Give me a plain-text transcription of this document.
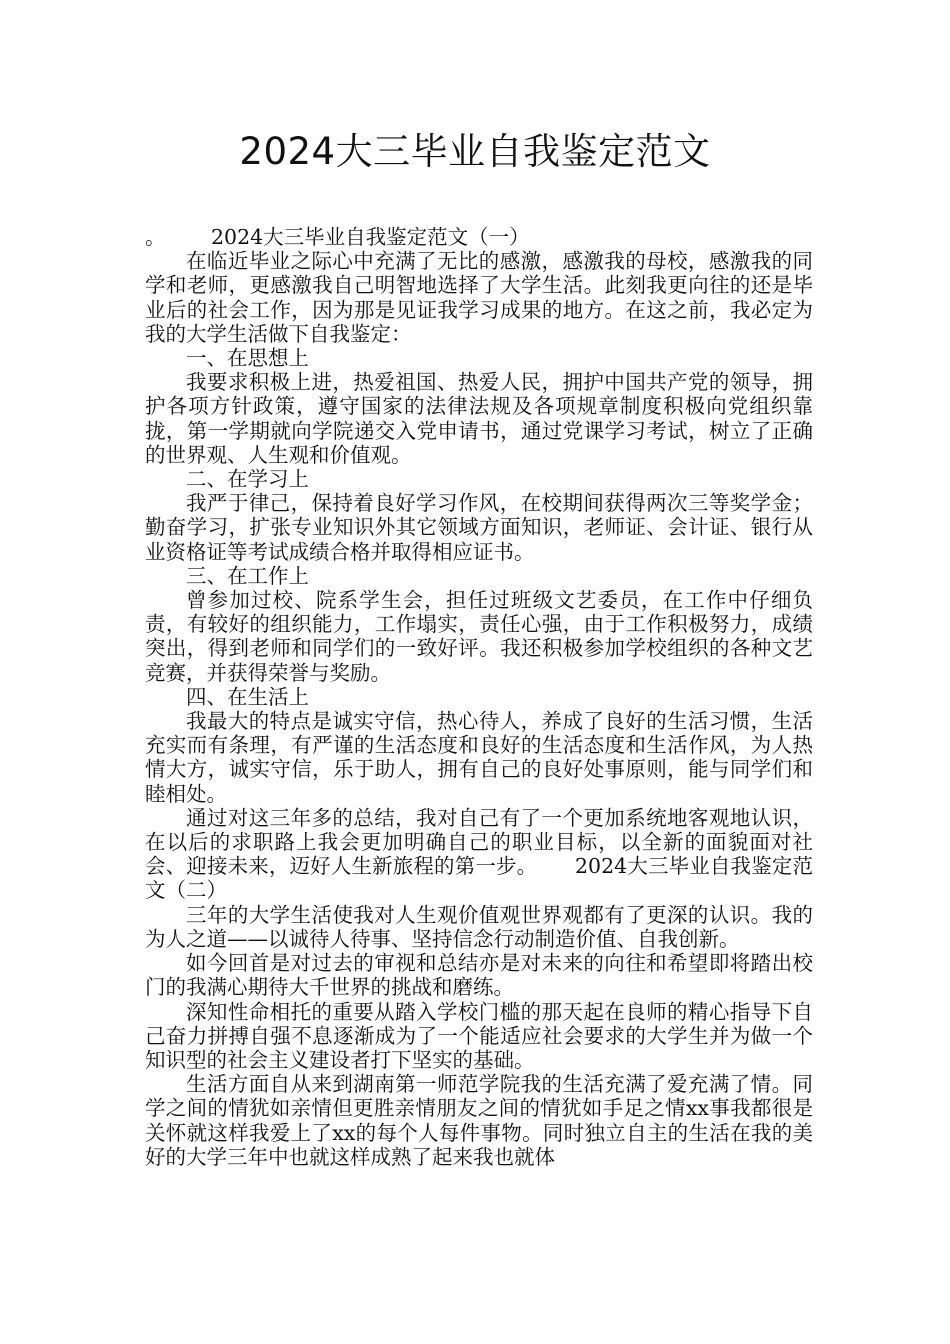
2024大三毕业自我鉴定范文

。 2024大三毕业自我鉴定范文（一）

在临近毕业之际心中充满了无比的感激，感激我的母校，感激我的同学和老师，更感激我自己明智地选择了大学生活。此刻我更向往的还是毕业后的社会工作，因为那是见证我学习成果的地方。在这之前，我必定为我的大学生活做下自我鉴定：

一、在思想上

我要求积极上进，热爱祖国、热爱人民，拥护中国共产党的领导，拥护各项方针政策，遵守国家的法律法规及各项规章制度积极向党组织靠拢，第一学期就向学院递交入党申请书，通过党课学习考试，树立了正确的世界观、人生观和价值观。

二、在学习上

我严于律己，保持着良好学习作风，在校期间获得两次三等奖学金；勤奋学习，扩张专业知识外其它领域方面知识，老师证、会计证、银行从业资格证等考试成绩合格并取得相应证书。

三、在工作上

曾参加过校、院系学生会，担任过班级文艺委员，在工作中仔细负责，有较好的组织能力，工作塌实，责任心强，由于工作积极努力，成绩突出，得到老师和同学们的一致好评。我还积极参加学校组织的各种文艺竞赛，并获得荣誉与奖励。

四、在生活上

我最大的特点是诚实守信，热心待人，养成了良好的生活习惯，生活充实而有条理，有严谨的生活态度和良好的生活态度和生活作风，为人热情大方，诚实守信，乐于助人，拥有自己的良好处事原则，能与同学们和睦相处。

通过对这三年多的总结，我对自己有了一个更加系统地客观地认识，在以后的求职路上我会更加明确自己的职业目标，以全新的面貌面对社会、迎接未来，迈好人生新旅程的第一步。　　 2024大三毕业自我鉴定范文（二）

三年的大学生活使我对人生观价值观世界观都有了更深的认识。我的为人之道——以诚待人待事、坚持信念行动制造价值、自我创新。

如今回首是对过去的审视和总结亦是对未来的向往和希望即将踏出校门的我满心期待大千世界的挑战和磨练。

深知性命相托的重要从踏入学校门槛的那天起在良师的精心指导下自己奋力拼搏自强不息逐渐成为了一个能适应社会要求的大学生并为做一个知识型的社会主义建设者打下坚实的基础。

生活方面自从来到湖南第一师范学院我的生活充满了爱充满了情。同学之间的情犹如亲情但更胜亲情朋友之间的情犹如手足之情xx事我都很是关怀就这样我爱上了xx的每个人每件事物。同时独立自主的生活在我的美好的大学三年中也就这样成熟了起来我也就体
